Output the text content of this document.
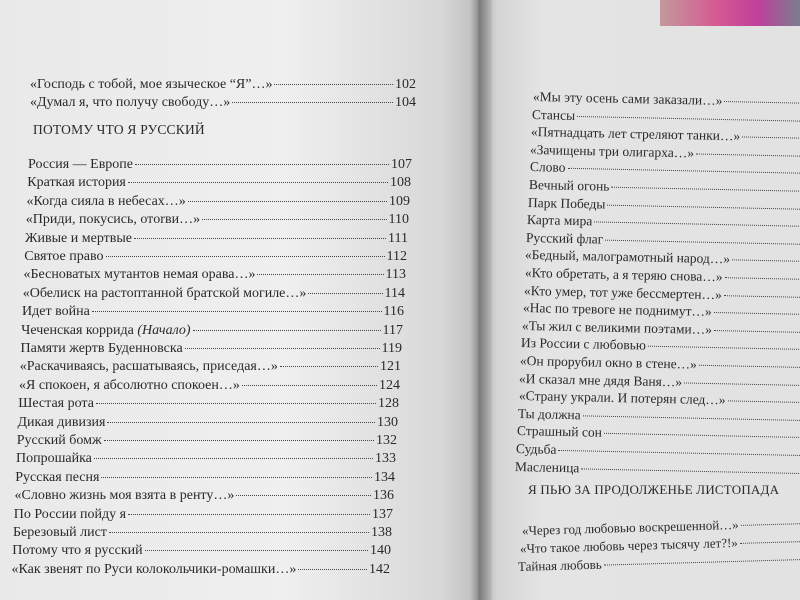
«Господь с тобой, мое языческое “Я”…»	102
«Думал я, что получу свободу…»	104
ПОТОМУ ЧТО Я РУССКИЙ
Россия — Европе	107
Краткая история	108
«Когда сияла в небесах…»	109
«Приди, покусись, отorви…»	110
Живые и мертвые	111
Святое право	112
«Бесноватых мутантов немая орава…»	113
«Обелиск на растоптанной братской могиле…»	114
Идет война	116
Чеченская коррида (Начало)	117
Памяти жертв Буденновска	119
«Раскачиваясь, расшатываясь, приседая…»	121
«Я спокоен, я абсолютно спокоен…»	124
Шестая рота	128
Дикая дивизия	130
Русский бомж	132
Попрошайка	133
Русская песня	134
«Словно жизнь моя взята в ренту…»	136
По России пойду я	137
Березовый лист	138
Потому что я русский	140
«Как звенят по Руси колокольчики-ромашки…»	142
«Мы эту осень сами заказали…»
Стансы
«Пятнадцать лет стреляют танки…»
«Зачищены три олигарха…»
Слово
Вечный огонь
Парк Победы
Карта мира
Русский флаг
«Бедный, малограмотный народ…»
«Кто обретать, а я теряю снова…»
«Кто умер, тот уже бессмертен…»
«Нас по тревоге не поднимут…»
«Ты жил с великими поэтами…»
Из России с любовью
«Он прорубил окно в стене…»
«И сказал мне дядя Ваня…»
«Страну украли. И потерян след…»
Ты должна
Страшный сон
Судьба
Масленица
Я ПЬЮ ЗА ПРОДОЛЖЕНЬЕ ЛИСТОПАДА
«Через год любовью воскрешенной…»
«Что такое любовь через тысячу лет?!»
Тайная любовь
